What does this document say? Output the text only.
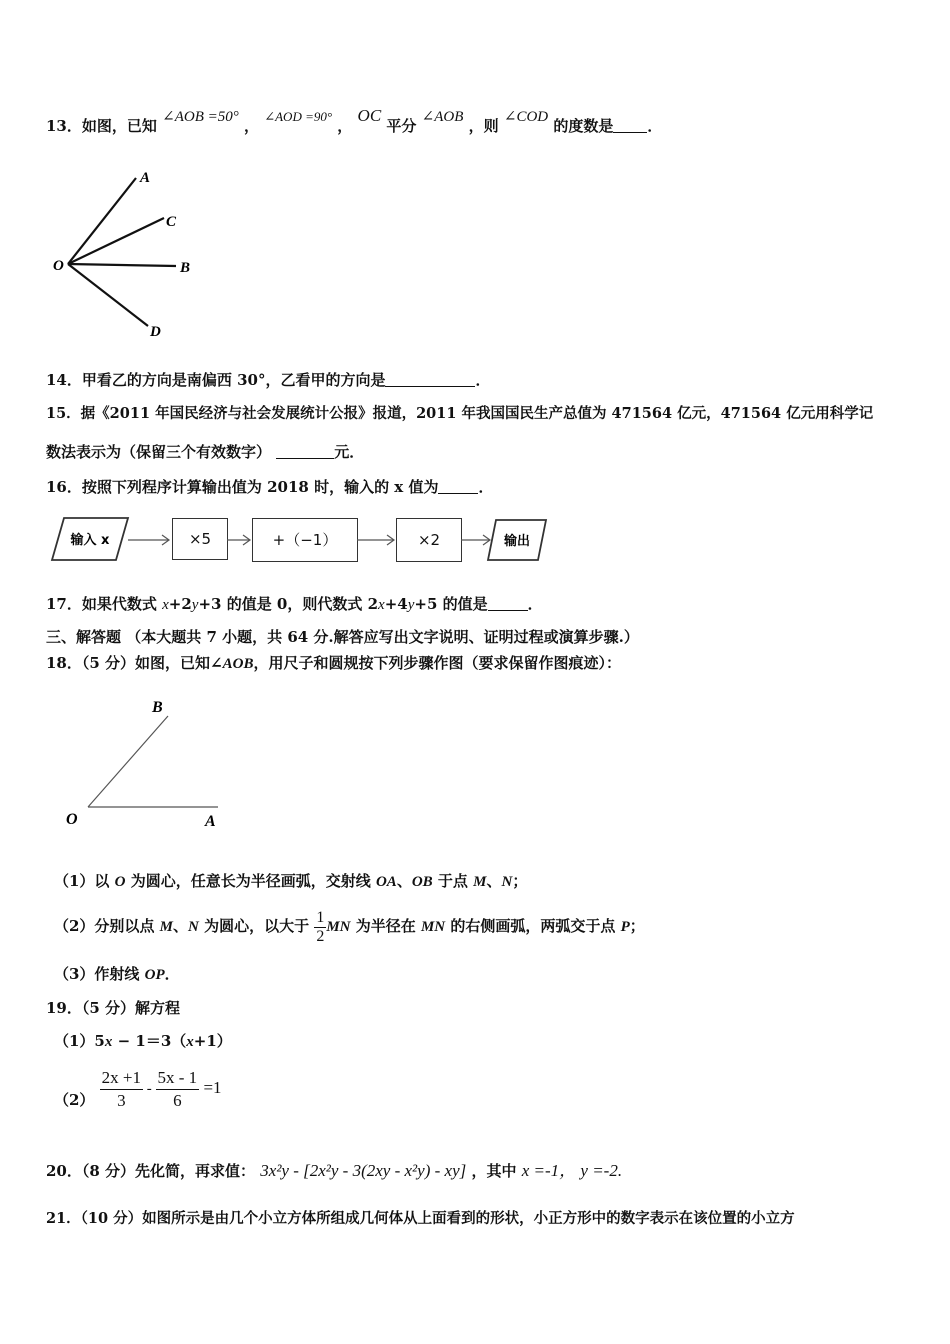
13．如图，已知 ∠AOB =50° ， ∠AOD =90° ， OC 平分 ∠AOB ，则 ∠COD 的度数是 ．
A
C
O	B
D
14．甲看乙的方向是南偏西 30°，乙看甲的方向是	．
15．据《2011 年国民经济与社会发展统计公报》报道，2011 年我国国民生产总值为 471564 亿元，471564 亿元用科学记
数法表示为（保留三个有效数字）	元．
16．按照下列程序计算输出值为 2018 时，输入的 x 值为	．
输入 x	×5	+（−1）	×2	输出
17．如果代数式 x+2y+3 的值是 0，则代数式 2x+4y+5 的值是	．
三、解答题 （本大题共 7 小题，共 64 分.解答应写出文字说明、证明过程或演算步骤.）
18．（5 分）如图，已知∠AOB，用尺子和圆规按下列步骤作图（要求保留作图痕迹）：
B
O	A
（1）以 O 为圆心，任意长为半径画弧，交射线 OA、OB 于点 M、N；
（2）分别以点 M、N 为圆心，以大于 $\frac{1}{2}$ MN 为半径在 MN 的右侧画弧，两弧交于点 P；
（3）作射线 OP．
19．（5 分）解方程
（1）5x − 1＝3（x+1）
$(2) \frac{2x +1}{3} - \frac{5x - 1}{6} =1$
20．（8 分）先化简，再求值： 3x²y - [2x²y - 3(2xy - x²y) - xy] ，其中 x =-1， y =-2.
21．（10 分）如图所示是由几个小立方体所组成几何体从上面看到的形状，小正方形中的数字表示在该位置的小立方
